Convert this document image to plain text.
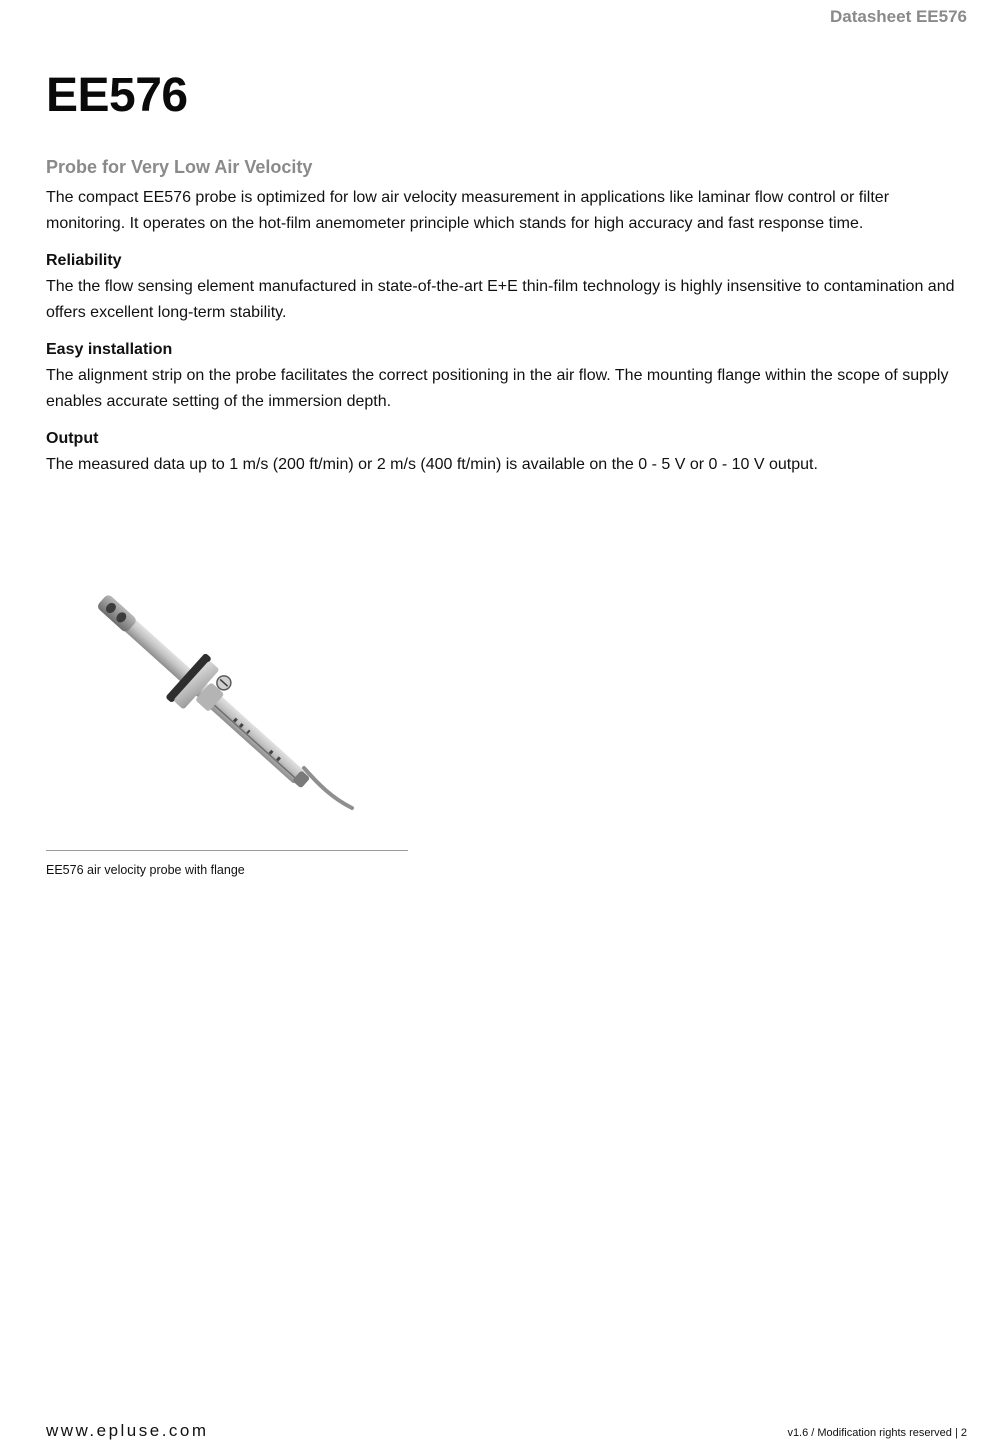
Datasheet EE576
EE576
Probe for Very Low Air Velocity

The compact EE576 probe is optimized for low air velocity measurement in applications like laminar flow control or filter monitoring. It operates on the hot-film anemometer principle which stands for high accuracy and fast response time.

Reliability

The the flow sensing element manufactured in state-of-the-art E+E thin-film technology is highly insensitive to contamination and offers excellent long-term stability.

Easy installation

The alignment strip on the probe facilitates the correct positioning in the air flow. The mounting flange within the scope of supply enables accurate setting of the immersion depth.

Output

The measured data up to 1 m/s (200 ft/min) or 2 m/s (400 ft/min) is available on the 0 - 5 V or 0 - 10 V output.

EE576 air velocity probe with flange
www.epluse.com	v1.6 / Modification rights reserved | 2
